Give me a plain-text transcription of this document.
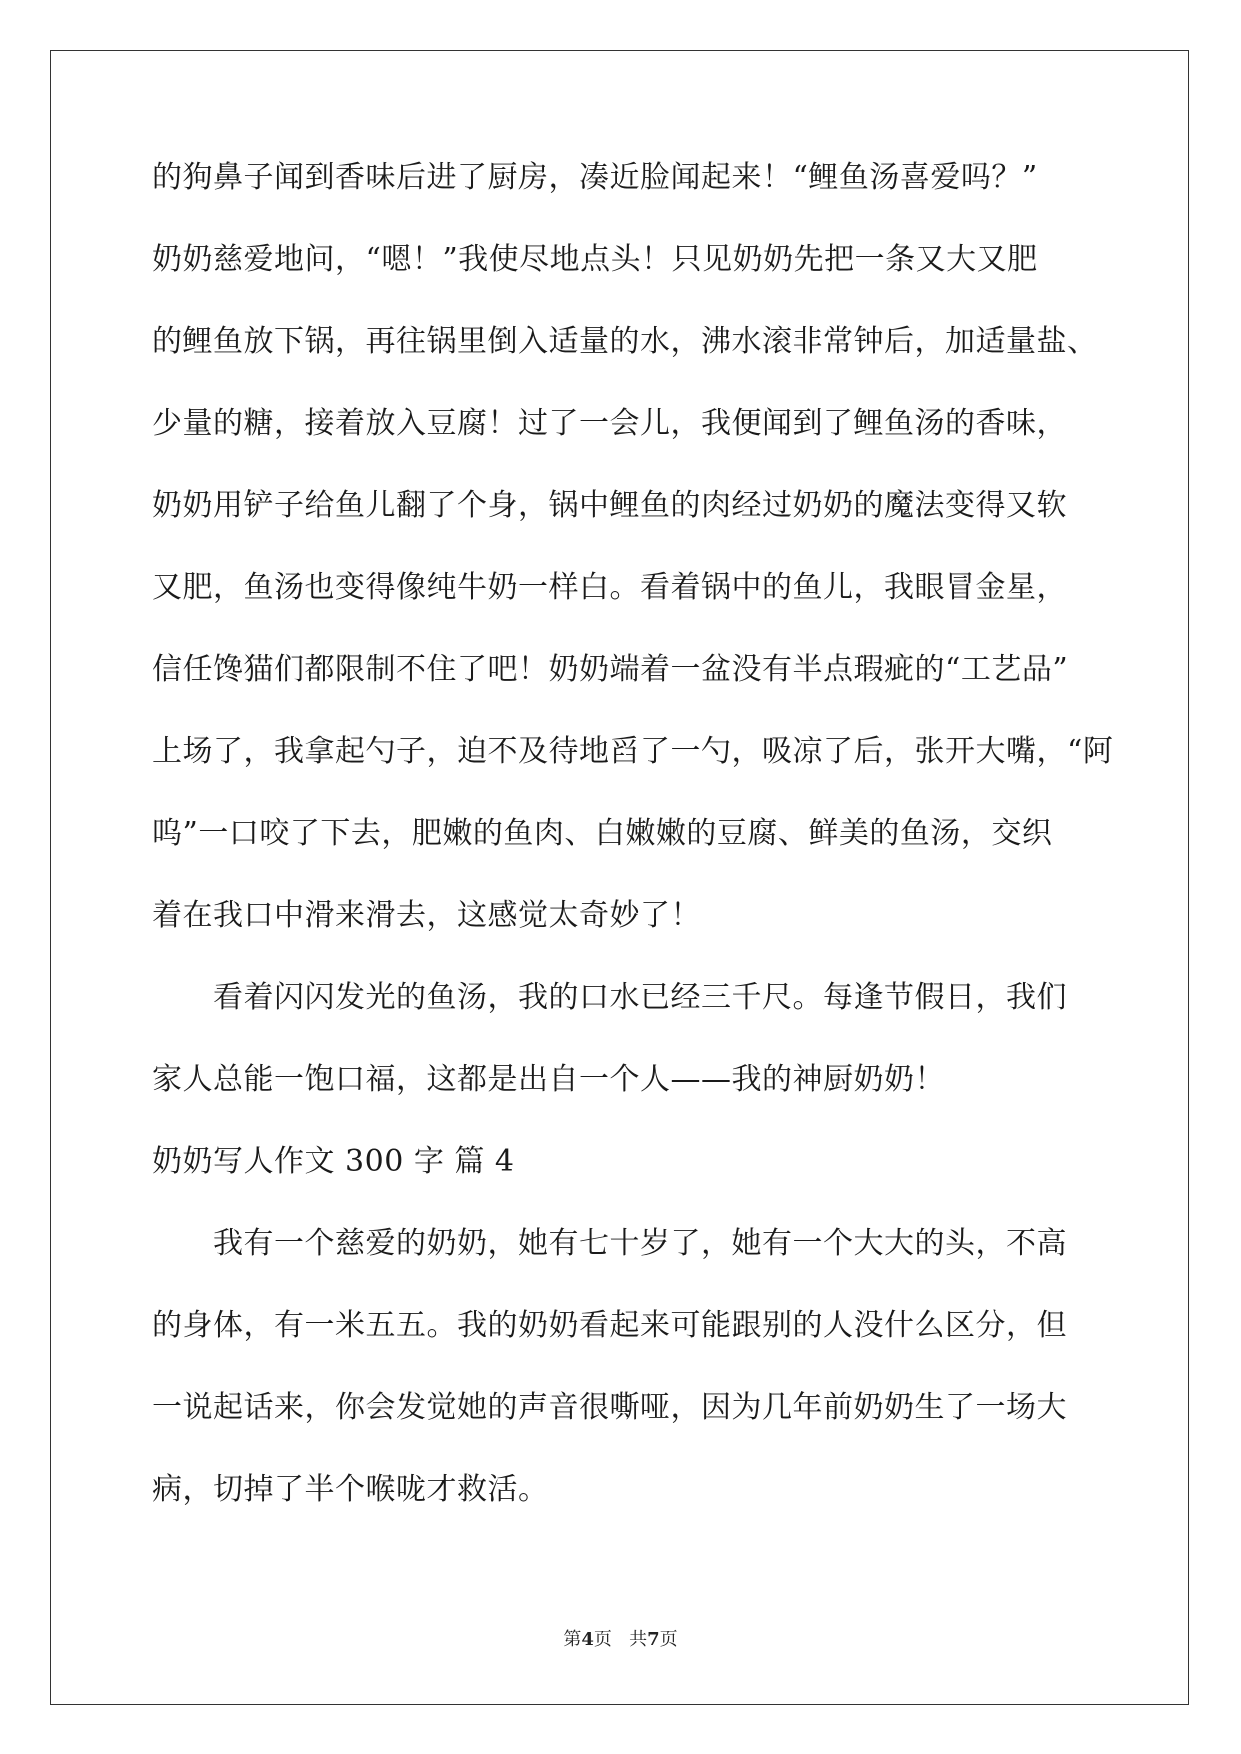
的狗鼻子闻到香味后进了厨房，凑近脸闻起来！“鲤鱼汤喜爱吗？”
奶奶慈爱地问，“嗯！”我使尽地点头！只见奶奶先把一条又大又肥
的鲤鱼放下锅，再往锅里倒入适量的水，沸水滚非常钟后，加适量盐、
少量的糖，接着放入豆腐！过了一会儿，我便闻到了鲤鱼汤的香味，
奶奶用铲子给鱼儿翻了个身，锅中鲤鱼的肉经过奶奶的魔法变得又软
又肥，鱼汤也变得像纯牛奶一样白。看着锅中的鱼儿，我眼冒金星，
信任馋猫们都限制不住了吧！奶奶端着一盆没有半点瑕疵的“工艺品”
上场了，我拿起勺子，迫不及待地舀了一勺，吸凉了后，张开大嘴，“阿
呜”一口咬了下去，肥嫩的鱼肉、白嫩嫩的豆腐、鲜美的鱼汤，交织
着在我口中滑来滑去，这感觉太奇妙了！
　　看着闪闪发光的鱼汤，我的口水已经三千尺。每逢节假日，我们
家人总能一饱口福，这都是出自一个人——我的神厨奶奶！
奶奶写人作文 300 字 篇 4
　　我有一个慈爱的奶奶，她有七十岁了，她有一个大大的头，不高
的身体，有一米五五。我的奶奶看起来可能跟别的人没什么区分，但
一说起话来，你会发觉她的声音很嘶哑，因为几年前奶奶生了一场大
病，切掉了半个喉咙才救活。
第4页 共7页
